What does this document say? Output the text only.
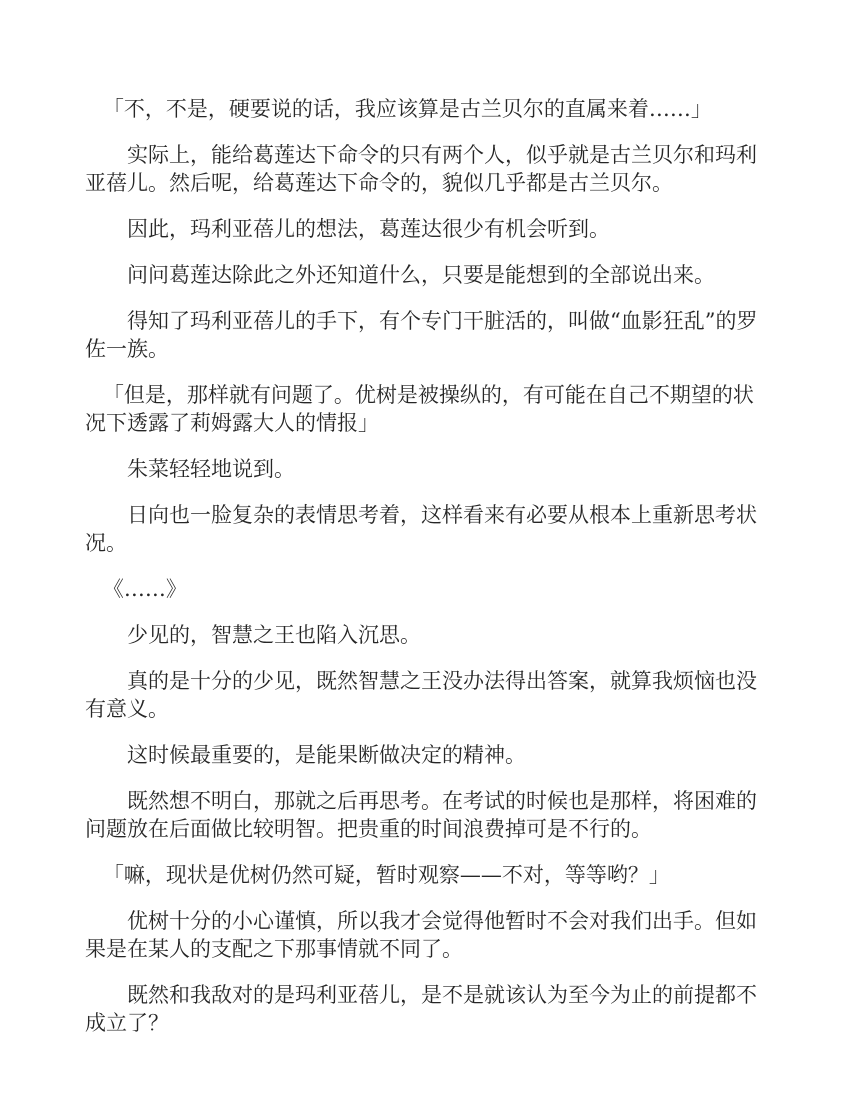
「不，不是，硬要说的话，我应该算是古兰贝尔的直属来着……」

实际上，能给葛莲达下命令的只有两个人，似乎就是古兰贝尔和玛利亚蓓儿。然后呢，给葛莲达下命令的，貌似几乎都是古兰贝尔。

因此，玛利亚蓓儿的想法，葛莲达很少有机会听到。

问问葛莲达除此之外还知道什么，只要是能想到的全部说出来。

得知了玛利亚蓓儿的手下，有个专门干脏活的，叫做“血影狂乱”的罗佐一族。

「但是，那样就有问题了。优树是被操纵的，有可能在自己不期望的状况下透露了莉姆露大人的情报」

朱菜轻轻地说到。

日向也一脸复杂的表情思考着，这样看来有必要从根本上重新思考状况。

《……》

少见的，智慧之王也陷入沉思。

真的是十分的少见，既然智慧之王没办法得出答案，就算我烦恼也没有意义。

这时候最重要的，是能果断做决定的精神。

既然想不明白，那就之后再思考。在考试的时候也是那样，将困难的问题放在后面做比较明智。把贵重的时间浪费掉可是不行的。

「嘛，现状是优树仍然可疑，暂时观察——不对，等等哟？」

优树十分的小心谨慎，所以我才会觉得他暂时不会对我们出手。但如果是在某人的支配之下那事情就不同了。

既然和我敌对的是玛利亚蓓儿，是不是就该认为至今为止的前提都不成立了？
